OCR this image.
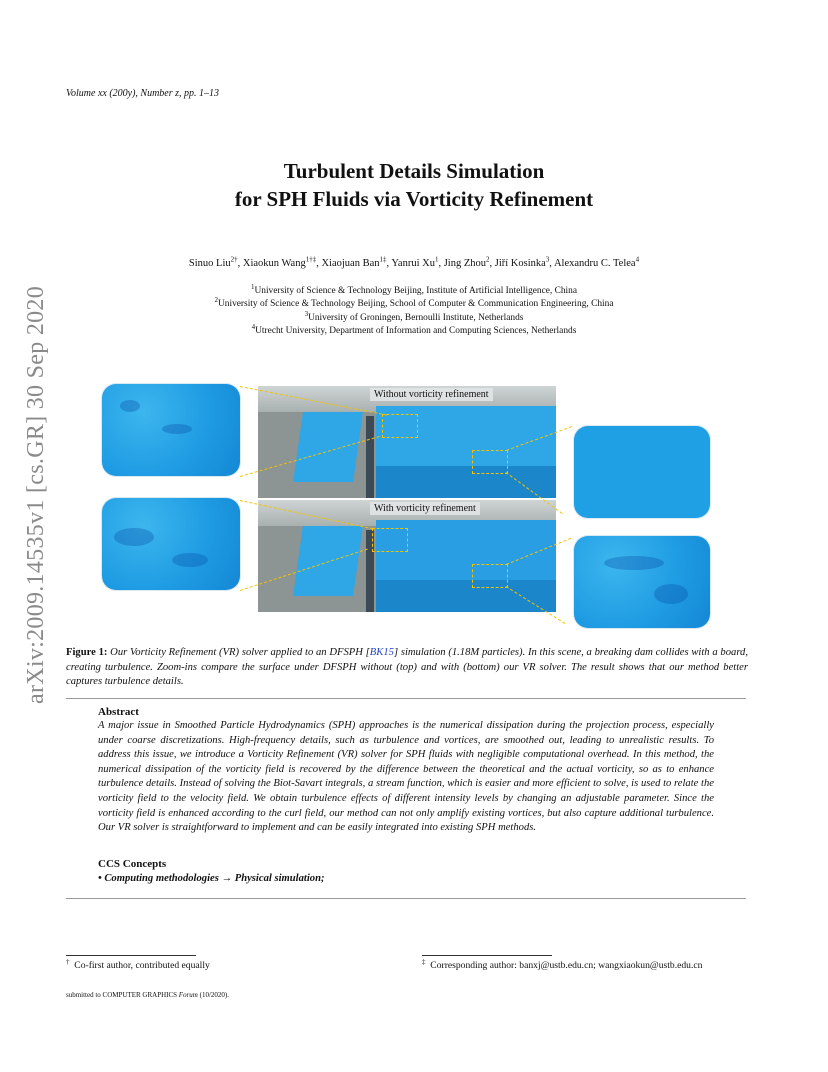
Volume xx (200y), Number z, pp. 1–13
Turbulent Details Simulation
for SPH Fluids via Vorticity Refinement
Sinuo Liu$^{2\dagger}$, Xiaokun Wang$^{1\dagger\ddagger}$, Xiaojuan Ban$^{1\ddagger}$, Yanrui Xu$^1$, Jing Zhou$^2$, Jiří Kosinka$^3$, Alexandru C. Telea$^4$
$^1$University of Science & Technology Beijing, Institute of Artificial Intelligence, China
$^2$University of Science & Technology Beijing, School of Computer & Communication Engineering, China
$^3$University of Groningen, Bernoulli Institute, Netherlands
$^4$Utrecht University, Department of Information and Computing Sciences, Netherlands
arXiv:2009.14535v1 [cs.GR] 30 Sep 2020	Without vorticity refinement
With vorticity refinement
Figure 1: Our Vorticity Refinement (VR) solver applied to an DFSPH [BK15] simulation (1.18M particles). In this scene, a breaking dam collides with a board, creating turbulence. Zoom-ins compare the surface under DFSPH without (top) and with (bottom) our VR solver. The result shows that our method better captures turbulence details.
Abstract
A major issue in Smoothed Particle Hydrodynamics (SPH) approaches is the numerical dissipation during the projection process, especially under coarse discretizations. High-frequency details, such as turbulence and vortices, are smoothed out, leading to unrealistic results. To address this issue, we introduce a Vorticity Refinement (VR) solver for SPH fluids with negligible computational overhead. In this method, the numerical dissipation of the vorticity field is recovered by the difference between the theoretical and the actual vorticity, so as to enhance turbulence details. Instead of solving the Biot-Savart integrals, a stream function, which is easier and more efficient to solve, is used to relate the vorticity field to the velocity field. We obtain turbulence effects of different intensity levels by changing an adjustable parameter. Since the vorticity field is enhanced according to the curl field, our method can not only amplify existing vortices, but also capture additional turbulence. Our VR solver is straightforward to implement and can be easily integrated into existing SPH methods.
CCS Concepts
• Computing methodologies → Physical simulation;
† Co-first author, contributed equally	‡ Corresponding author: banxj@ustb.edu.cn; wangxiaokun@ustb.edu.cn
submitted to COMPUTER GRAPHICS Forum (10/2020).
